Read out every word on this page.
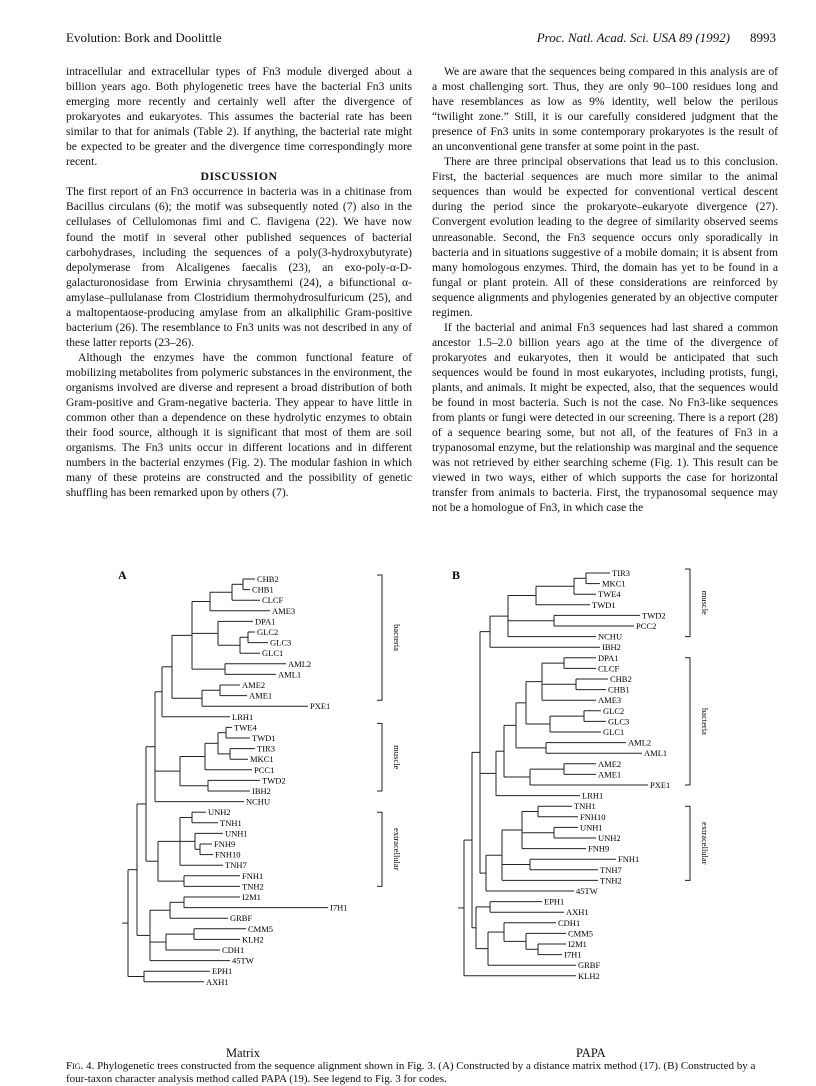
Evolution: Bork and Doolittle	Proc. Natl. Acad. Sci. USA 89 (1992) 8993

intracellular and extracellular types of Fn3 module diverged about a billion years ago. Both phylogenetic trees have the bacterial Fn3 units emerging more recently and certainly well after the divergence of prokaryotes and eukaryotes. This assumes the bacterial rate has been similar to that for animals (Table 2). If anything, the bacterial rate might be expected to be greater and the divergence time correspondingly more recent.

DISCUSSION

The first report of an Fn3 occurrence in bacteria was in a chitinase from Bacillus circulans (6); the motif was subsequently noted (7) also in the cellulases of Cellulomonas fimi and C. flavigena (22). We have now found the motif in several other published sequences of bacterial carbohydrases, including the sequences of a poly(3-hydroxybutyrate) depolymerase from Alcaligenes faecalis (23), an exo-poly-α-D-galacturonosidase from Erwinia chrysamthemi (24), a bifunctional α-amylase–pullulanase from Clostridium thermohydrosulfuricum (25), and a maltopentaose-producing amylase from an alkaliphilic Gram-positive bacterium (26). The resemblance to Fn3 units was not described in any of these latter reports (23–26).

Although the enzymes have the common functional feature of mobilizing metabolites from polymeric substances in the environment, the organisms involved are diverse and represent a broad distribution of both Gram-positive and Gram-negative bacteria. They appear to have little in common other than a dependence on these hydrolytic enzymes to obtain their food source, although it is significant that most of them are soil organisms. The Fn3 units occur in different locations and in different numbers in the bacterial enzymes (Fig. 2). The modular fashion in which many of these proteins are constructed and the possibility of genetic shuffling has been remarked upon by others (7).

We are aware that the sequences being compared in this analysis are of a most challenging sort. Thus, they are only 90–100 residues long and have resemblances as low as 9% identity, well below the perilous “twilight zone.” Still, it is our carefully considered judgment that the presence of Fn3 units in some contemporary prokaryotes is the result of an unconventional gene transfer at some point in the past.

There are three principal observations that lead us to this conclusion. First, the bacterial sequences are much more similar to the animal sequences than would be expected for conventional vertical descent during the period since the prokaryote–eukaryote divergence (27). Convergent evolution leading to the degree of similarity observed seems unreasonable. Second, the Fn3 sequence occurs only sporadically in bacteria and in situations suggestive of a mobile domain; it is absent from many homologous enzymes. Third, the domain has yet to be found in a fungal or plant protein. All of these considerations are reinforced by sequence alignments and phylogenies generated by an objective computer regimen.

If the bacterial and animal Fn3 sequences had last shared a common ancestor 1.5–2.0 billion years ago at the time of the divergence of prokaryotes and eukaryotes, then it would be anticipated that such sequences would be found in most eukaryotes, including protists, fungi, plants, and animals. It might be expected, also, that the sequences would be found in most bacteria. Such is not the case. No Fn3-like sequences from plants or fungi were detected in our screening. There is a report (28) of a sequence bearing some, but not all, of the features of Fn3 in a trypanosomal enzyme, but the relationship was marginal and the sequence was not retrieved by either searching scheme (Fig. 1). This result can be viewed in two ways, either of which supports the case for horizontal transfer from animals to bacteria. First, the trypanosomal sequence may not be a homologue of Fn3, in which case the

A	CHB2
CHB1
CLCF
AME3
DPA1
GLC2
GLC3
GLC1
AML2
AML1
AME2
AME1
PXE1
LRH1
TWE4
TWD1
TIR3
MKC1
PCC1
TWD2
IBH2
NCHU
UNH2
TNH1
UNH1
FNH9
FNH10
TNH7
FNH1
TNH2
I2M1
I7H1
GRBF
CMM5
KLH2
CDH1
45TW
EPH1
AXH1
bacteria
muscle
extracellular
B	TIR3
MKC1
TWE4
TWD1
TWD2
PCC2
NCHU
IBH2
DPA1
CLCF
CHB2
CHB1
AME3
GLC2
GLC3
GLC1
AML2
AML1
AME2
AME1
PXE1
LRH1
TNH1
FNH10
UNH1
UNH2
FNH9
FNH1
TNH7
TNH2
45TW
EPH1
AXH1
CDH1
CMM5
I2M1
I7H1
GRBF
KLH2
muscle
bacteria
extracellular
Matrix	PAPA
Fig. 4. Phylogenetic trees constructed from the sequence alignment shown in Fig. 3. (A) Constructed by a distance matrix method (17). (B) Constructed by a four-taxon character analysis method called PAPA (19). See legend to Fig. 3 for codes.
